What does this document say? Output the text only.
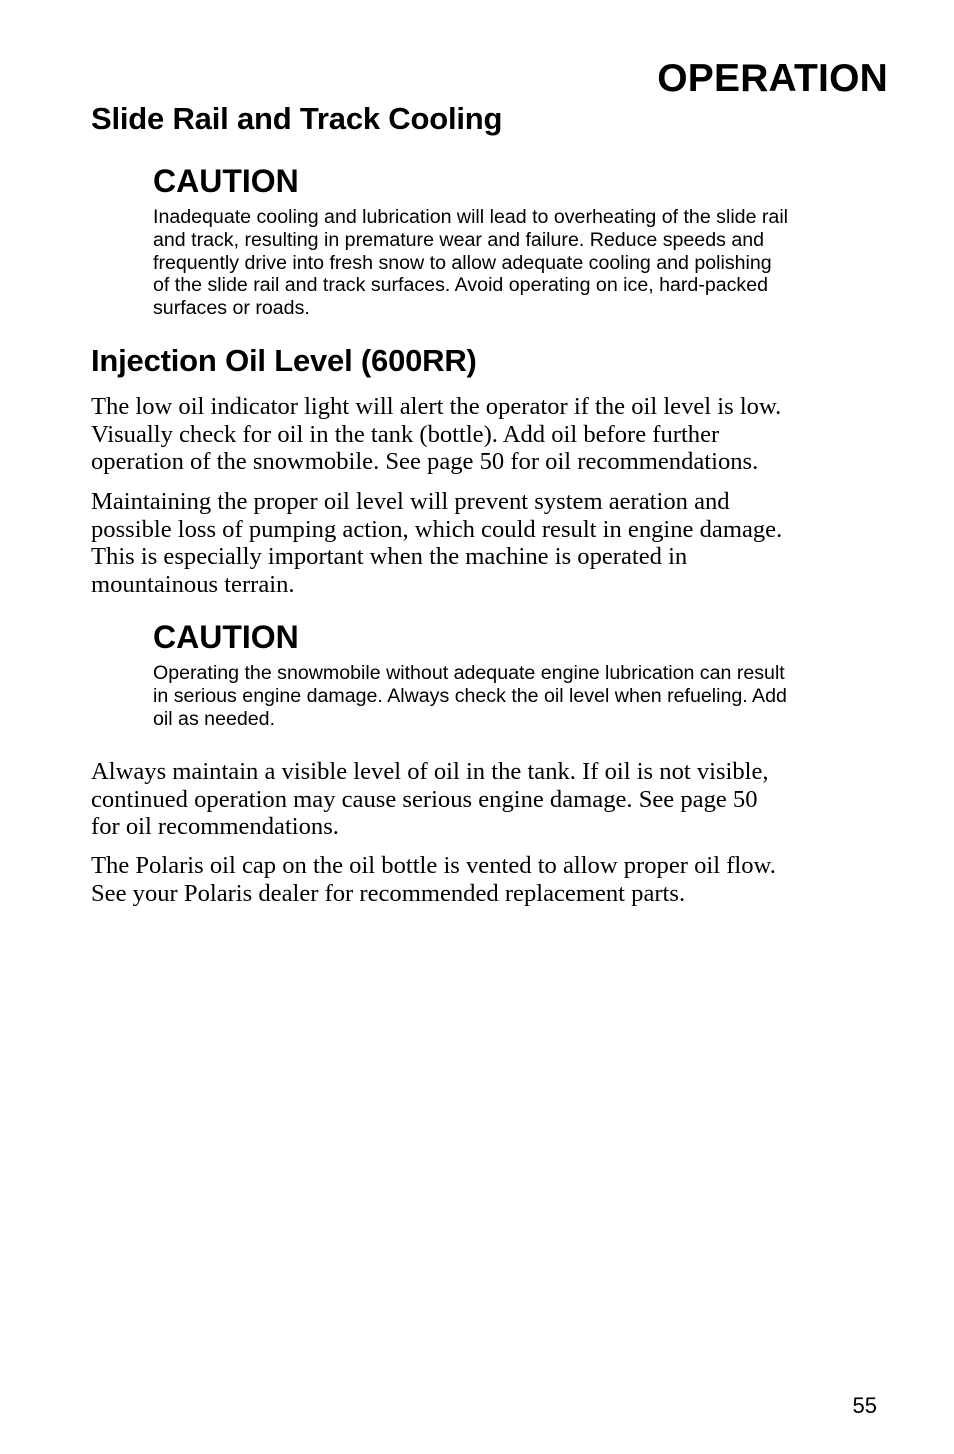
OPERATION
Slide Rail and Track Cooling
CAUTION

Inadequate cooling and lubrication will lead to overheating of the slide rail
and track, resulting in premature wear and failure. Reduce speeds and
frequently drive into fresh snow to allow adequate cooling and polishing
of the slide rail and track surfaces. Avoid operating on ice, hard-packed
surfaces or roads.

Injection Oil Level (600RR)

The low oil indicator light will alert the operator if the oil level is low.
Visually check for oil in the tank (bottle). Add oil before further
operation of the snowmobile. See page 50 for oil recommendations.

Maintaining the proper oil level will prevent system aeration and
possible loss of pumping action, which could result in engine damage.
This is especially important when the machine is operated in
mountainous terrain.

CAUTION

Operating the snowmobile without adequate engine lubrication can result
in serious engine damage. Always check the oil level when refueling. Add
oil as needed.

Always maintain a visible level of oil in the tank. If oil is not visible,
continued operation may cause serious engine damage. See page 50
for oil recommendations.

The Polaris oil cap on the oil bottle is vented to allow proper oil flow.
See your Polaris dealer for recommended replacement parts.

55
